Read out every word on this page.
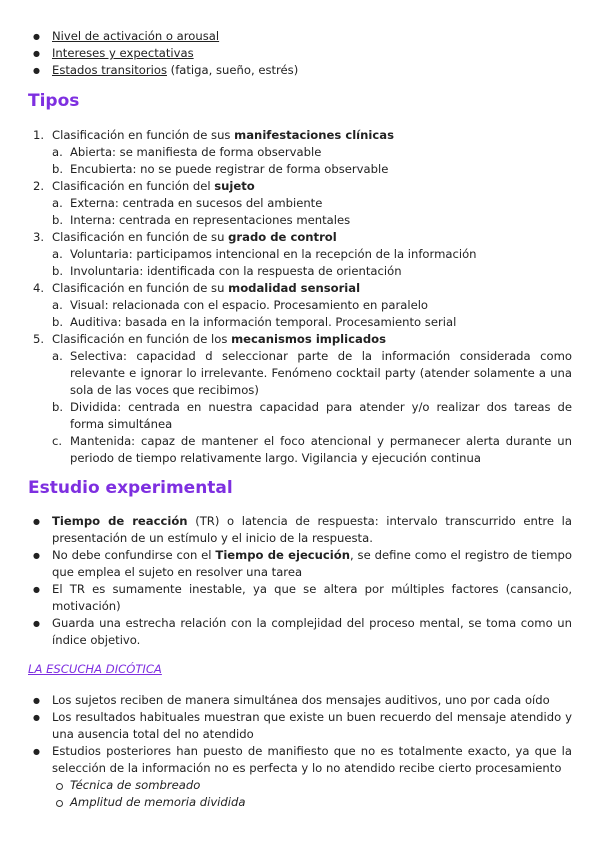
● Nivel de activación o arousal
● Intereses y expectativas
● Estados transitorios (fatiga, sueño, estrés)
Tipos
1. Clasificación en función de sus manifestaciones clínicas
a. Abierta: se manifiesta de forma observable
b. Encubierta: no se puede registrar de forma observable
2. Clasificación en función del sujeto
a. Externa: centrada en sucesos del ambiente
b. Interna: centrada en representaciones mentales
3. Clasificación en función de su grado de control
a. Voluntaria: participamos intencional en la recepción de la información
b. Involuntaria: identificada con la respuesta de orientación
4. Clasificación en función de su modalidad sensorial
a. Visual: relacionada con el espacio. Procesamiento en paralelo
b. Auditiva: basada en la información temporal. Procesamiento serial
5. Clasificación en función de los mecanismos implicados
a. Selectiva: capacidad d seleccionar parte de la información considerada como relevante e ignorar lo irrelevante. Fenómeno cocktail party (atender solamente a una sola de las voces que recibimos)
b. Dividida: centrada en nuestra capacidad para atender y/o realizar dos tareas de forma simultánea
c. Mantenida: capaz de mantener el foco atencional y permanecer alerta durante un periodo de tiempo relativamente largo. Vigilancia y ejecución continua
Estudio experimental
● Tiempo de reacción (TR) o latencia de respuesta: intervalo transcurrido entre la presentación de un estímulo y el inicio de la respuesta.
● No debe confundirse con el Tiempo de ejecución, se define como el registro de tiempo que emplea el sujeto en resolver una tarea
● El TR es sumamente inestable, ya que se altera por múltiples factores (cansancio, motivación)
● Guarda una estrecha relación con la complejidad del proceso mental, se toma como un índice objetivo.
LA ESCUCHA DICÓTICA
● Los sujetos reciben de manera simultánea dos mensajes auditivos, uno por cada oído
● Los resultados habituales muestran que existe un buen recuerdo del mensaje atendido y una ausencia total del no atendido
● Estudios posteriores han puesto de manifiesto que no es totalmente exacto, ya que la selección de la información no es perfecta y lo no atendido recibe cierto procesamiento
Técnica de sombreado
Amplitud de memoria dividida
